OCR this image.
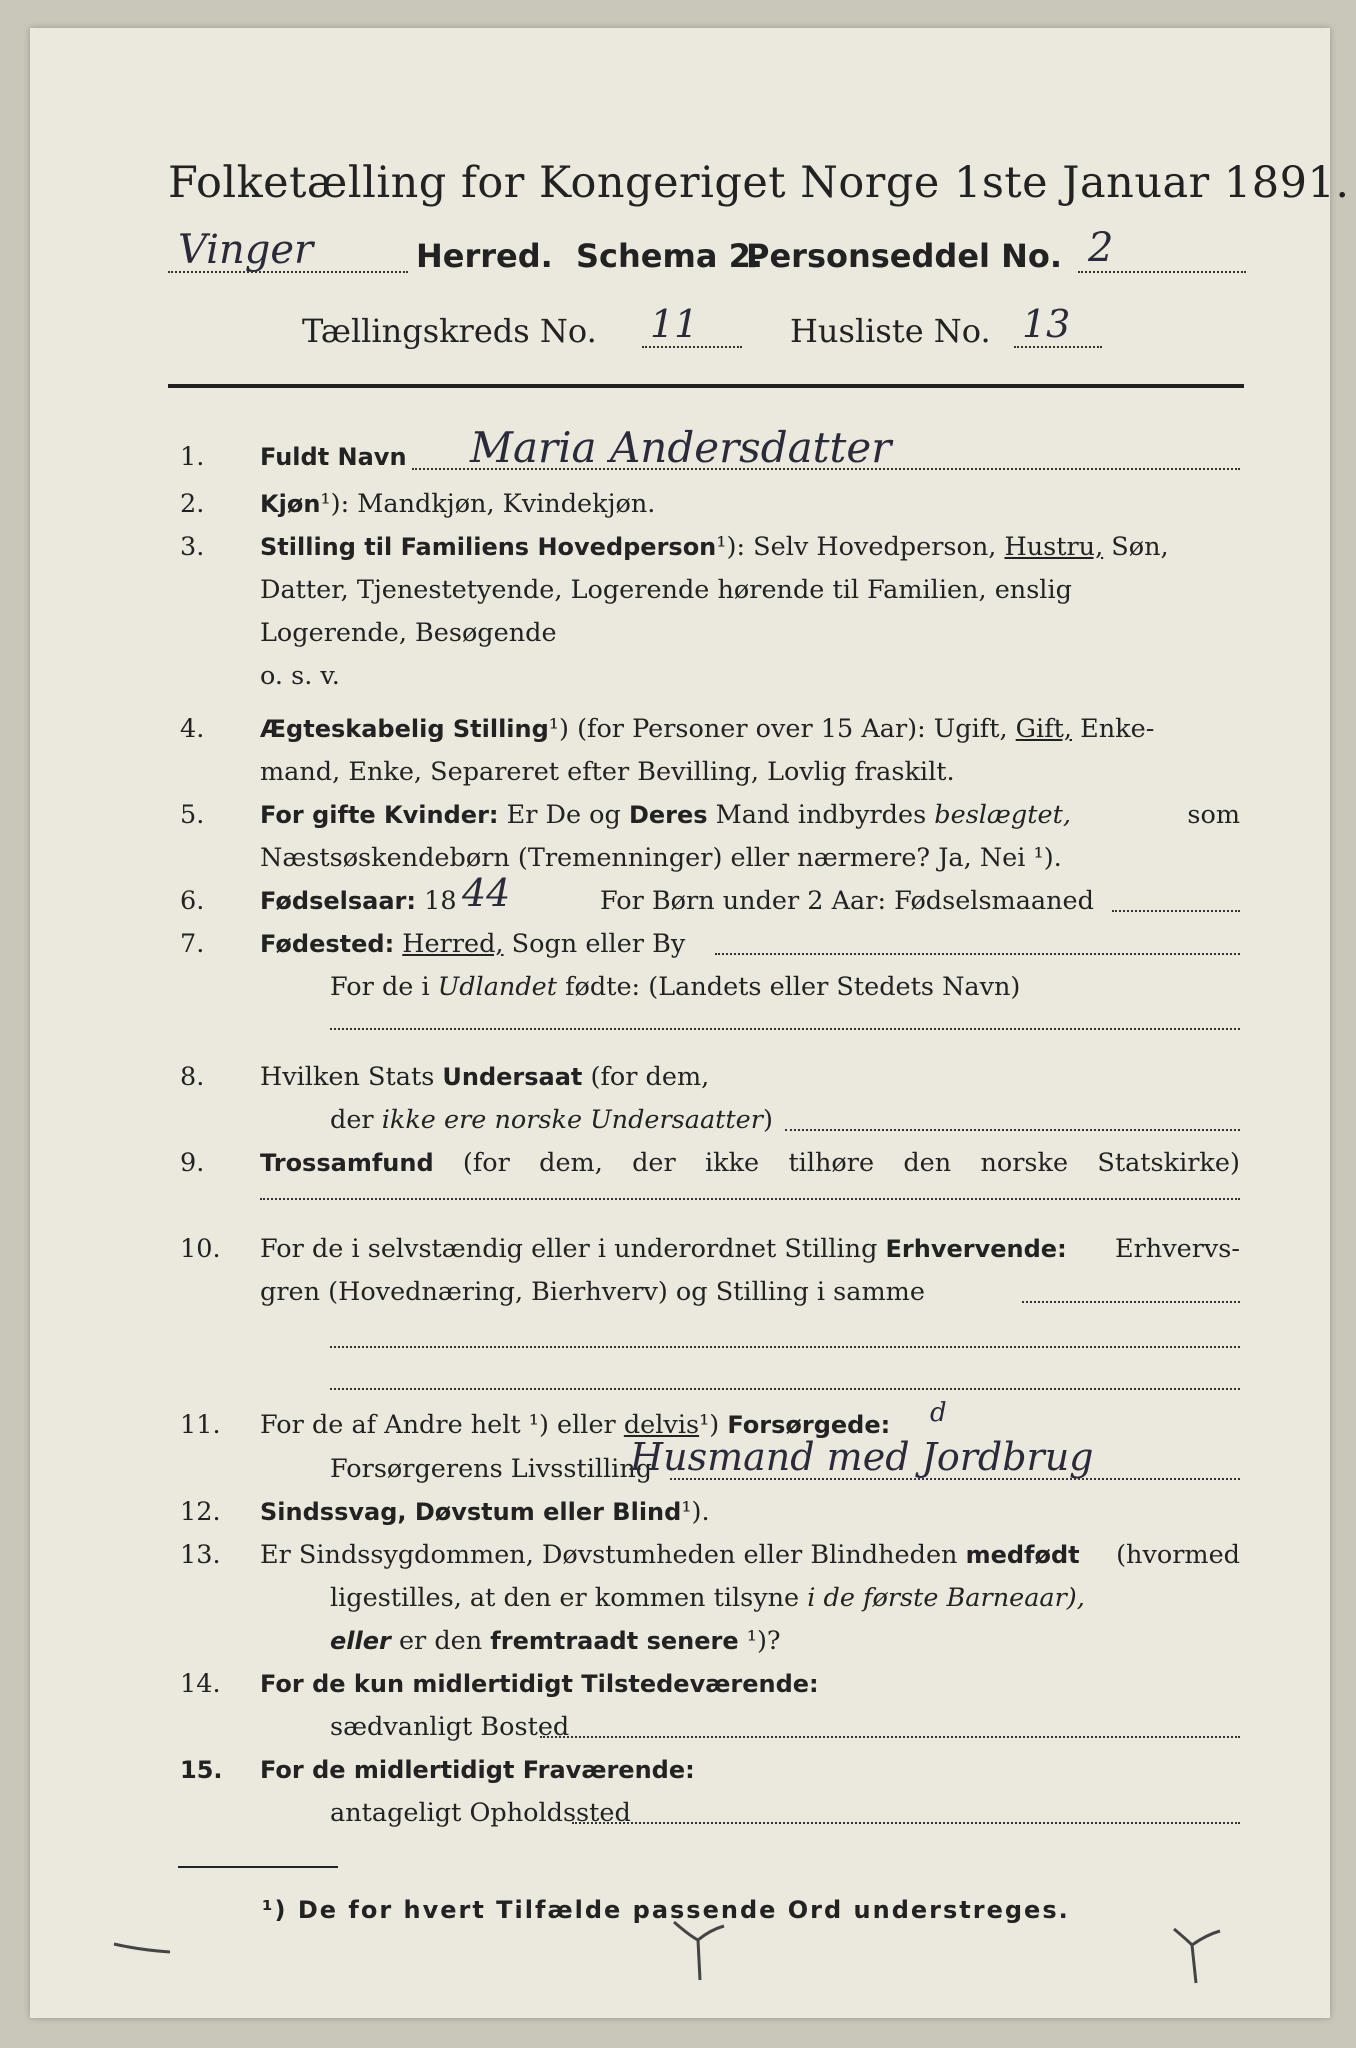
Folketælling for Kongeriget Norge 1ste Januar 1891.
Vinger	Herred. Schema 2.
Personseddel No. 2
Tællingskreds No. 11	Husliste No. 13
1.	Fuldt Navn	Maria Andersdatter
2.	Kjøn¹): Mandkjøn, Kvindekjøn.
3.	Stilling til Familiens Hovedperson¹): Selv Hovedperson, Hustru, Søn,
Datter, Tjenestetyende, Logerende hørende til Familien, enslig
Logerende, Besøgende
o. s. v.
4.	Ægteskabelig Stilling¹) (for Personer over 15 Aar): Ugift, Gift, Enke-
mand, Enke, Separeret efter Bevilling, Lovlig fraskilt.
5.	For gifte Kvinder: Er De og Deres Mand indbyrdes beslægtet,	som
Næstsøskendebørn (Tremenninger) eller nærmere? Ja, Nei ¹).
6.	Fødselsaar: 18 44	For Børn under 2 Aar: Fødselsmaaned
7.	Fødested: Herred, Sogn eller By
For de i Udlandet fødte: (Landets eller Stedets Navn)
8.	Hvilken Stats Undersaat (for dem,
der ikke ere norske Undersaatter)
9.	Trossamfund (for dem, der ikke tilhøre den norske Statskirke)
10.	For de i selvstændig eller i underordnet Stilling Erhvervende: Erhvervs-
gren (Hovednæring, Bierhverv) og Stilling i samme
11.	For de af Andre helt ¹) eller delvis¹) Forsørgede:	d
Forsørgerens Livsstilling
Husmand med Jordbrug
12.	Sindssvag, Døvstum eller Blind¹).
13.	Er Sindssygdommen, Døvstumheden eller Blindheden medfødt (hvormed
ligestilles, at den er kommen tilsyne i de første Barneaar),
eller er den fremtraadt senere ¹)?
14.	For de kun midlertidigt Tilstedeværende:
sædvanligt Bosted
15.	For de midlertidigt Fraværende:
antageligt Opholdssted
¹) De for hvert Tilfælde passende Ord understreges.
